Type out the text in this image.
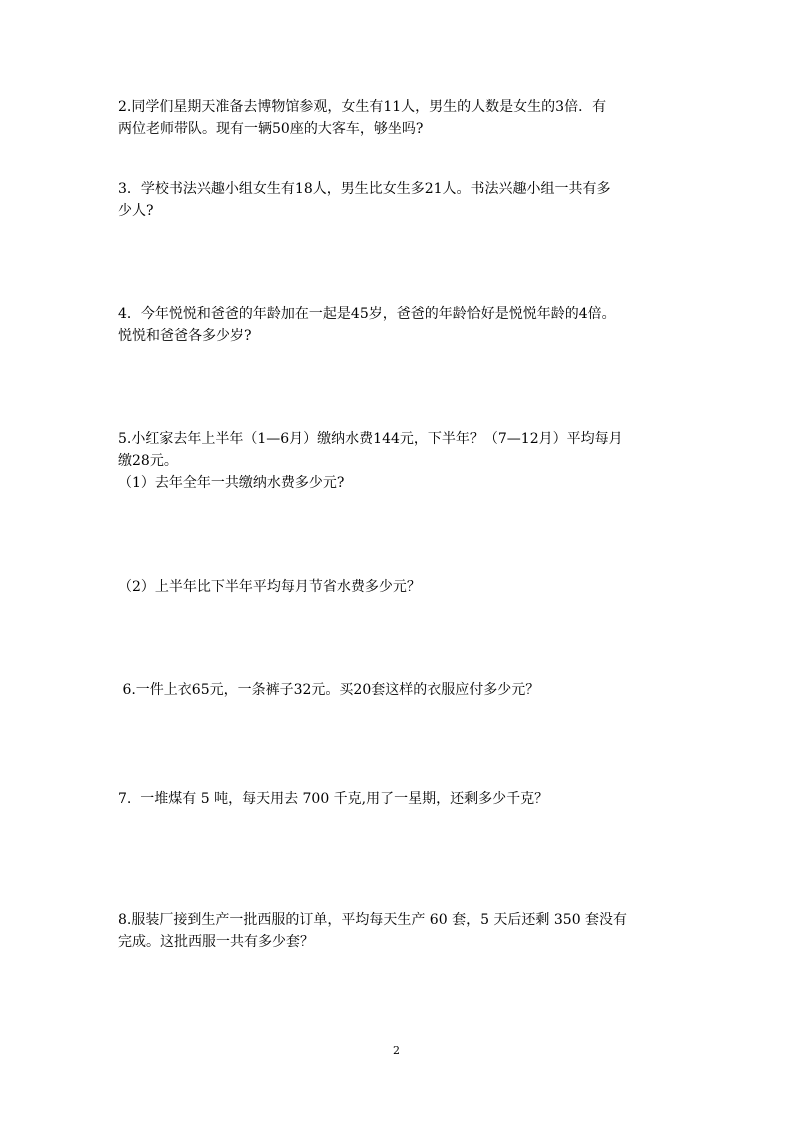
2.同学们星期天准备去博物馆参观，女生有11人，男生的人数是女生的3倍．有
两位老师带队。现有一辆50座的大客车，够坐吗?
3．学校书法兴趣小组女生有18人，男生比女生多21人。书法兴趣小组一共有多
少人?
4．今年悦悦和爸爸的年龄加在一起是45岁，爸爸的年龄恰好是悦悦年龄的4倍。
悦悦和爸爸各多少岁?
5.小红家去年上半年（1—6月）缴纳水费144元，下半年？（7—12月）平均每月
缴28元。
（1）去年全年一共缴纳水费多少元?
（2）上半年比下半年平均每月节省水费多少元？
6.一件上衣65元，一条裤子32元。买20套这样的衣服应付多少元？
7.  一堆煤有 5 吨，每天用去 700 千克,用了一星期，还剩多少千克？
8.服装厂接到生产一批西服的订单，平均每天生产 60 套，5 天后还剩 350 套没有
完成。这批西服一共有多少套？
2
